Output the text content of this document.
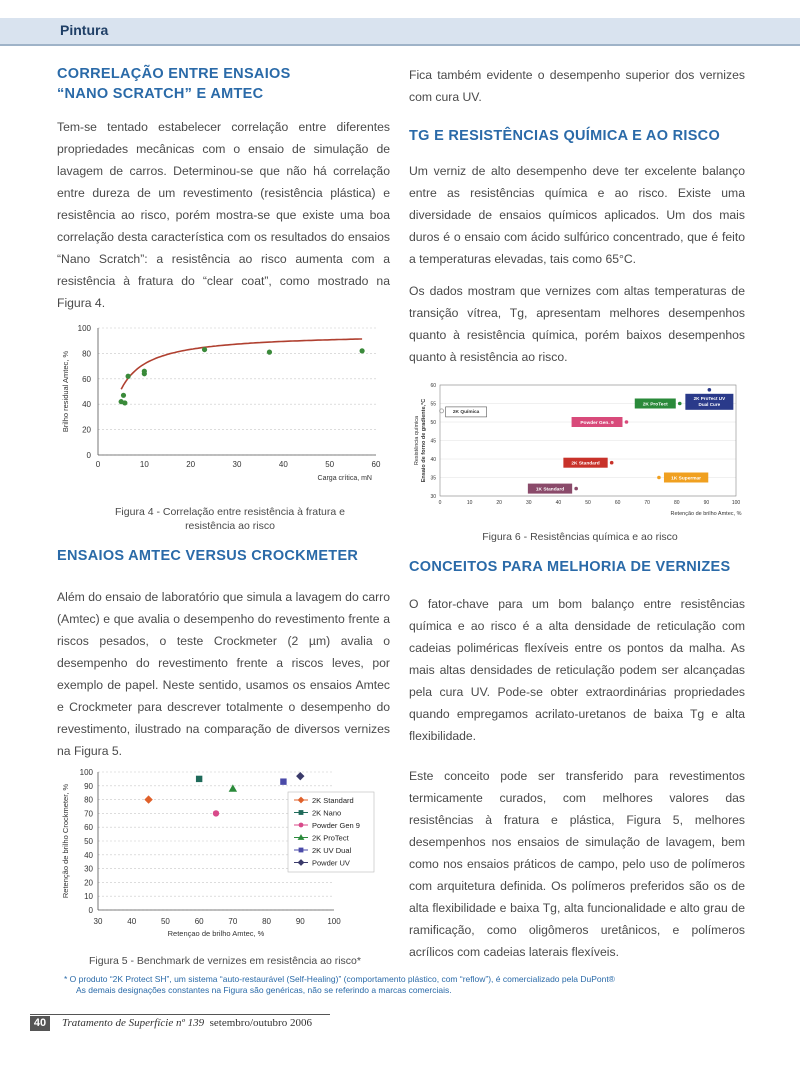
Pintura
CORRELAÇÃO ENTRE ENSAIOS
“NANO SCRATCH” E AMTEC

Tem-se tentado estabelecer correlação entre diferentes propriedades mecânicas com o ensaio de simulação de lavagem de carros. Determinou-se que não há correlação entre dureza de um revestimento (resistência plástica) e resistência ao risco, porém mostra-se que existe uma boa correlação desta característica com os resultados do ensaios “Nano Scratch”: a resistência ao risco aumenta com a resistência à fratura do “clear coat”, como mostrado na Figura 4.

0
20
40
60
80
100
0	10	20	30	40	50	60
Carga crítica, mN
Brilho residual Amtec, %
Figura 4 - Correlação entre resistência à fratura e resistência ao risco
ENSAIOS AMTEC VERSUS CROCKMETER

Além do ensaio de laboratório que simula a lavagem do carro (Amtec) e que avalia o desempenho do revestimento frente a riscos pesados, o teste Crockmeter (2 µm) avalia o desempenho do revestimento frente a riscos leves, por exemplo de papel. Neste sentido, usamos os ensaios Amtec e Crockmeter para descrever totalmente o desempenho do revestimento, ilustrado na comparação de diversos vernizes na Figura 5.

0
10
20
30
40
50
60
70
80
90
100
30	40	50	60	70	80	90	100
2K Standard
2K Nano
Powder Gen 9
2K ProTect
2K UV Dual
Powder UV
Retençao de brilho Amtec, %
Retenção de brilho Crockmeter, %
Figura 5 - Benchmark de vernizes em resistência ao risco*

Fica também evidente o desempenho superior dos vernizes com cura UV.

TG E RESISTÊNCIAS QUÍMICA E AO RISCO

Um verniz de alto desempenho deve ter excelente balanço entre as resistências química e ao risco. Existe uma diversidade de ensaios químicos aplicados. Um dos mais duros é o ensaio com ácido sulfúrico concentrado, que é feito a temperaturas elevadas, tais como 65°C.

Os dados mostram que vernizes com altas temperaturas de transição vítrea, Tg, apresentam melhores desempenhos quanto à resistência química, porém baixos desempenhos quanto à resistência ao risco.

30
35
40
45
50
55
60
0	10	20	30	40	50	60	70	80	90	100
2K Química
Powder Gen. 9
2K ProTect
2K ProTect UV
Dual Cure
2K Standard
1K Supermar
1K Standard
Retenção de brilho Amtec, %
Resistência química Ensaio de forno de gradiente,°C
Figura 6 - Resistências química e ao risco
CONCEITOS PARA MELHORIA DE VERNIZES

O fator-chave para um bom balanço entre resistências química e ao risco é a alta densidade de reticulação com cadeias poliméricas flexíveis entre os pontos da malha. As mais altas densidades de reticulação podem ser alcançadas pela cura UV. Pode-se obter extraordinárias propriedades quando empregamos acrilato-uretanos de baixa Tg e alta flexibilidade.

Este conceito pode ser transferido para revestimentos termicamente curados, com melhores valores das resistências à fratura e plástica, Figura 5, melhores desempenhos nos ensaios de simulação de lavagem, bem como nos ensaios práticos de campo, pelo uso de polímeros com arquitetura definida. Os polímeros preferidos são os de alta flexibilidade e baixa Tg, alta funcionalidade e alto grau de ramificação, como oligômeros uretânicos, e polímeros acrílicos com cadeias laterais flexíveis.

* O produto “2K Protect SH”, um sistema “auto-restaurável (Self-Healing)” (comportamento plástico, com “reflow”), é comercializado pela DuPont®
As demais designações constantes na Figura são genéricas, não se referindo a marcas comerciais.
40	Tratamento de Superfície nº 139 setembro/outubro 2006
